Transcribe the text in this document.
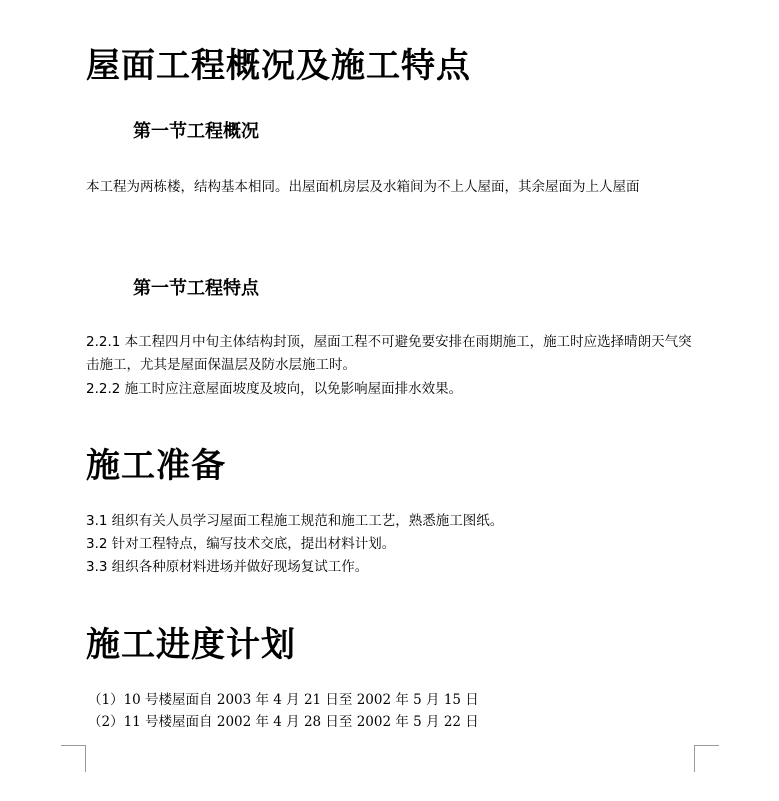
屋面工程概况及施工特点
第一节工程概况

本工程为两栋楼，结构基本相同。出屋面机房层及水箱间为不上人屋面，其余屋面为上人屋面

第一节工程特点

2.2.1 本工程四月中旬主体结构封顶，屋面工程不可避免要安排在雨期施工，施工时应选择晴朗天气突击施工，尤其是屋面保温层及防水层施工时。

2.2.2 施工时应注意屋面坡度及坡向，以免影响屋面排水效果。

施工准备

3.1 组织有关人员学习屋面工程施工规范和施工工艺，熟悉施工图纸。

3.2 针对工程特点，编写技术交底，提出材料计划。

3.3 组织各种原材料进场并做好现场复试工作。

施工进度计划

（1）10 号楼屋面自 2003 年 4 月 21 日至 2002 年 5 月 15 日

（2）11 号楼屋面自 2002 年 4 月 28 日至 2002 年 5 月 22 日
